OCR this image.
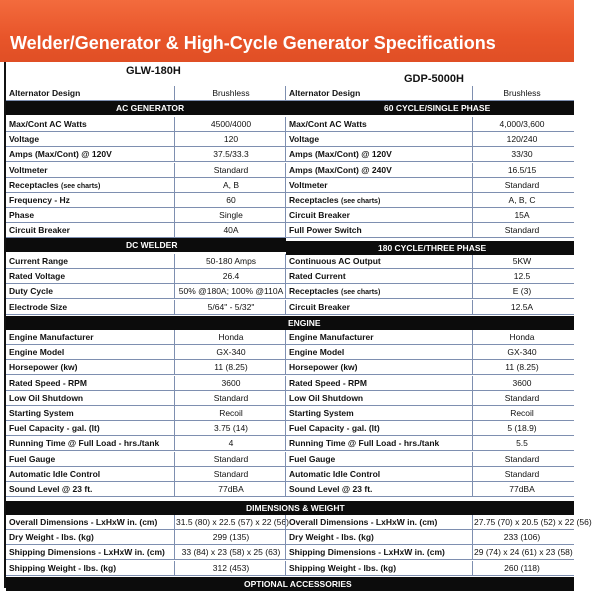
Welder/Generator & High-Cycle Generator Specifications
GLW-180H
Alternator Design	Brushless
Max/Cont AC Watts	4500/4000
Voltage	120
Amps (Max/Cont) @ 120V	37.5/33.3
Voltmeter	Standard
Receptacles (see charts)	A, B
Frequency - Hz	60
Phase	Single
Circuit Breaker	40A
Current Range	50-180 Amps
Rated Voltage	26.4
Duty Cycle	50% @180A; 100% @110A
Electrode Size	5/64" - 5/32"
Engine Manufacturer	Honda
Engine Model	GX-340
Horsepower (kw)	11 (8.25)
Rated Speed - RPM	3600
Low Oil Shutdown	Standard
Starting System	Recoil
Fuel Capacity - gal. (lt)	3.75 (14)
Running Time @ Full Load - hrs./tank	4
Fuel Gauge	Standard
Automatic Idle Control	Standard
Sound Level @ 23 ft.	77dBA
Overall Dimensions - LxHxW in. (cm) 31.5 (80) x 22.5 (57) x 22 (56)
Dry Weight - lbs. (kg)	299 (135)
Shipping Dimensions - LxHxW in. (cm)	33 (84) x 23 (58) x 25 (63)
Shipping Weight - lbs. (kg)	312 (453)
GDP-5000H
Alternator Design	Brushless
Max/Cont AC Watts	4,000/3,600
Voltage	120/240
Amps (Max/Cont) @ 120V	33/30
Amps (Max/Cont) @ 240V	16.5/15
Voltmeter	Standard
Receptacles (see charts)	A, B, C
Circuit Breaker	15A
Full Power Switch	Standard
Continuous AC Output	5KW
Rated Current	12.5
Receptacles (see charts)	E (3)
Circuit Breaker	12.5A
Engine Manufacturer	Honda
Engine Model	GX-340
Horsepower (kw)	11 (8.25)
Rated Speed - RPM	3600
Low Oil Shutdown	Standard
Starting System	Recoil
Fuel Capacity - gal. (lt)	5 (18.9)
Running Time @ Full Load - hrs./tank	5.5
Fuel Gauge	Standard
Automatic Idle Control	Standard
Sound Level @ 23 ft.	77dBA
Overall Dimensions - LxHxW in. (cm)	27.75 (70) x 20.5 (52) x 22 (56)
Dry Weight - lbs. (kg)	233 (106)
Shipping Dimensions - LxHxW in. (cm)	29 (74) x 24 (61) x 23 (58)
Shipping Weight - lbs. (kg)	260 (118)
AC GENERATOR	60 CYCLE/SINGLE PHASE
DC WELDER	180 CYCLE/THREE PHASE
ENGINE
DIMENSIONS & WEIGHT
OPTIONAL ACCESSORIES
